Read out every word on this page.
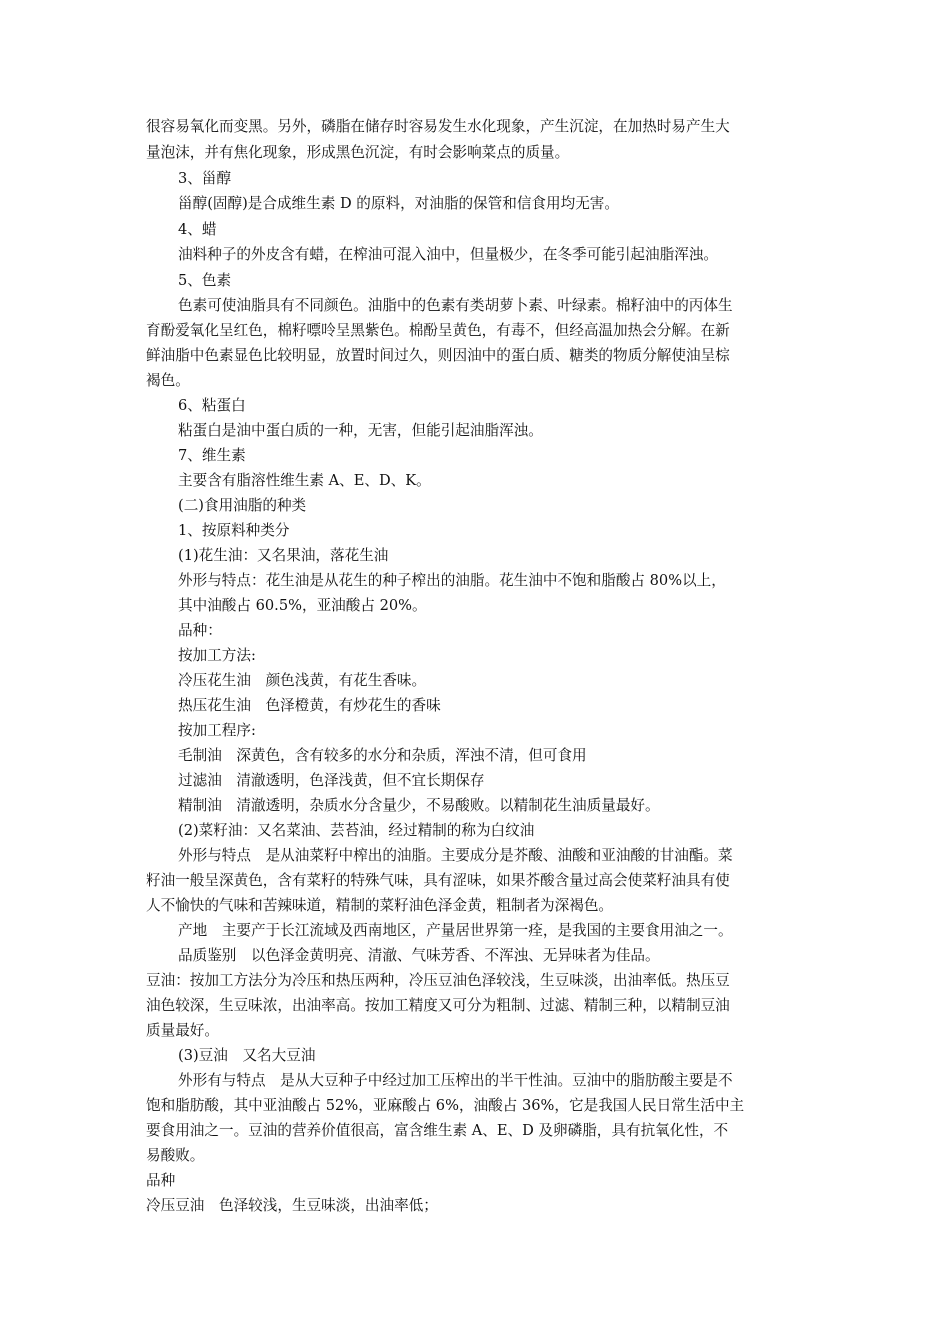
很容易氧化而变黑。另外，磷脂在储存时容易发生水化现象，产生沉淀，在加热时易产生大

量泡沫，并有焦化现象，形成黑色沉淀，有时会影响菜点的质量。

3、甾醇

甾醇(固醇)是合成维生素 D 的原料，对油脂的保管和信食用均无害。

4、蜡

油料种子的外皮含有蜡，在榨油可混入油中，但量极少，在冬季可能引起油脂浑浊。

5、色素

色素可使油脂具有不同颜色。油脂中的色素有类胡萝卜素、叶绿素。棉籽油中的丙体生

育酚爱氧化呈红色，棉籽嘌呤呈黑紫色。棉酚呈黄色，有毒不，但经高温加热会分解。在新

鲜油脂中色素显色比较明显，放置时间过久，则因油中的蛋白质、糖类的物质分解使油呈棕

褐色。

6、粘蛋白

粘蛋白是油中蛋白质的一种，无害，但能引起油脂浑浊。

7、维生素

主要含有脂溶性维生素 A、E、D、K。

(二)食用油脂的种类

1、按原料种类分

(1)花生油：又名果油，落花生油

外形与特点：花生油是从花生的种子榨出的油脂。花生油中不饱和脂酸占 80%以上，

其中油酸占 60.5%，亚油酸占 20%。

品种：

按加工方法:

冷压花生油　颜色浅黄，有花生香味。

热压花生油　色泽橙黄，有炒花生的香味

按加工程序:

毛制油　深黄色，含有较多的水分和杂质，浑浊不清，但可食用

过滤油　清澈透明，色泽浅黄，但不宜长期保存

精制油　清澈透明，杂质水分含量少，不易酸败。以精制花生油质量最好。

(2)菜籽油：又名菜油、芸苔油，经过精制的称为白纹油

外形与特点　是从油菜籽中榨出的油脂。主要成分是芥酸、油酸和亚油酸的甘油酯。菜

籽油一般呈深黄色，含有菜籽的特殊气味，具有涩味，如果芥酸含量过高会使菜籽油具有使

人不愉快的气味和苦辣味道，精制的菜籽油色泽金黄，粗制者为深褐色。

产地　主要产于长江流域及西南地区，产量居世界第一痊，是我国的主要食用油之一。

品质鉴别　以色泽金黄明亮、清澈、气味芳香、不浑浊、无异味者为佳品。

豆油：按加工方法分为冷压和热压两种，冷压豆油色泽较浅，生豆味淡，出油率低。热压豆

油色较深，生豆味浓，出油率高。按加工精度又可分为粗制、过滤、精制三种，以精制豆油

质量最好。

(3)豆油　又名大豆油

外形有与特点　是从大豆种子中经过加工压榨出的半干性油。豆油中的脂肪酸主要是不

饱和脂肪酸，其中亚油酸占 52%，亚麻酸占 6%，油酸占 36%，它是我国人民日常生活中主

要食用油之一。豆油的营养价值很高，富含维生素 A、E、D 及卵磷脂，具有抗氧化性，不

易酸败。

品种

冷压豆油　色泽较浅，生豆味淡，出油率低；
